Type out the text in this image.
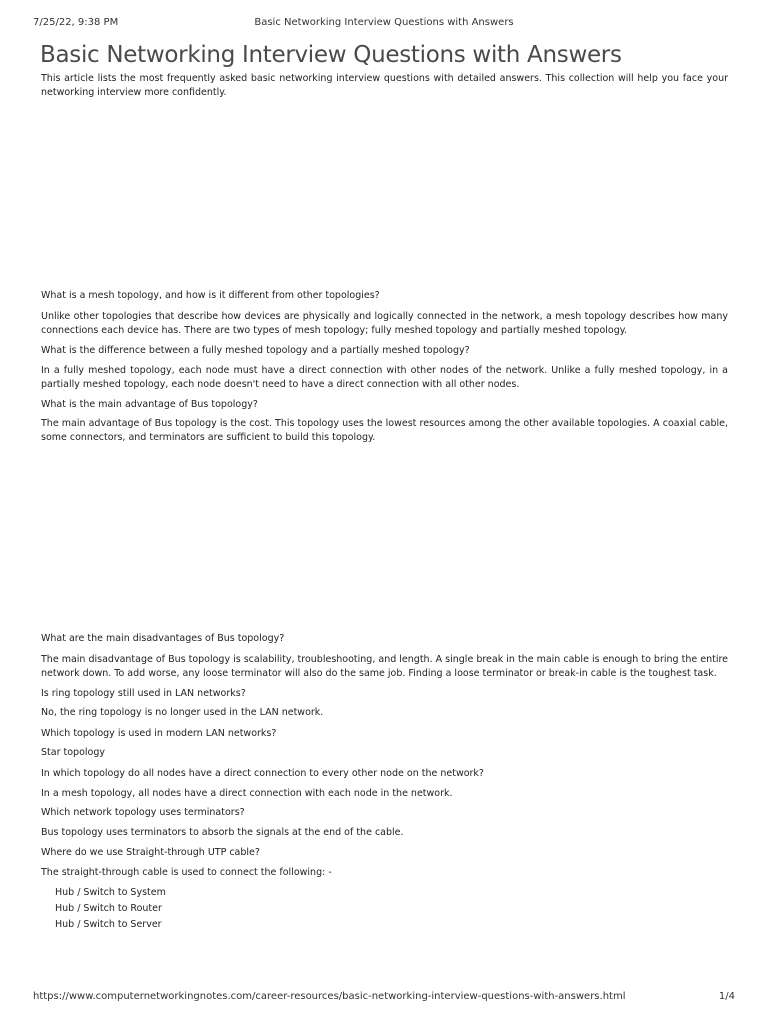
7/25/22, 9:38 PM	Basic Networking Interview Questions with Answers
Basic Networking Interview Questions with Answers
This article lists the most frequently asked basic networking interview questions with detailed answers. This collection will help you face your networking interview more confidently.
What is a mesh topology, and how is it different from other topologies?
Unlike other topologies that describe how devices are physically and logically connected in the network, a mesh topology describes how many connections each device has. There are two types of mesh topology; fully meshed topology and partially meshed topology.
What is the difference between a fully meshed topology and a partially meshed topology?
In a fully meshed topology, each node must have a direct connection with other nodes of the network. Unlike a fully meshed topology, in a partially meshed topology, each node doesn't need to have a direct connection with all other nodes.
What is the main advantage of Bus topology?
The main advantage of Bus topology is the cost. This topology uses the lowest resources among the other available topologies. A coaxial cable, some connectors, and terminators are sufficient to build this topology.
What are the main disadvantages of Bus topology?
The main disadvantage of Bus topology is scalability, troubleshooting, and length. A single break in the main cable is enough to bring the entire network down. To add worse, any loose terminator will also do the same job. Finding a loose terminator or break-in cable is the toughest task.
Is ring topology still used in LAN networks?
No, the ring topology is no longer used in the LAN network.
Which topology is used in modern LAN networks?
Star topology
In which topology do all nodes have a direct connection to every other node on the network?
In a mesh topology, all nodes have a direct connection with each node in the network.
Which network topology uses terminators?
Bus topology uses terminators to absorb the signals at the end of the cable.
Where do we use Straight-through UTP cable?
The straight-through cable is used to connect the following: -
Hub / Switch to System
Hub / Switch to Router
Hub / Switch to Server
https://www.computernetworkingnotes.com/career-resources/basic-networking-interview-questions-with-answers.html	1/4
